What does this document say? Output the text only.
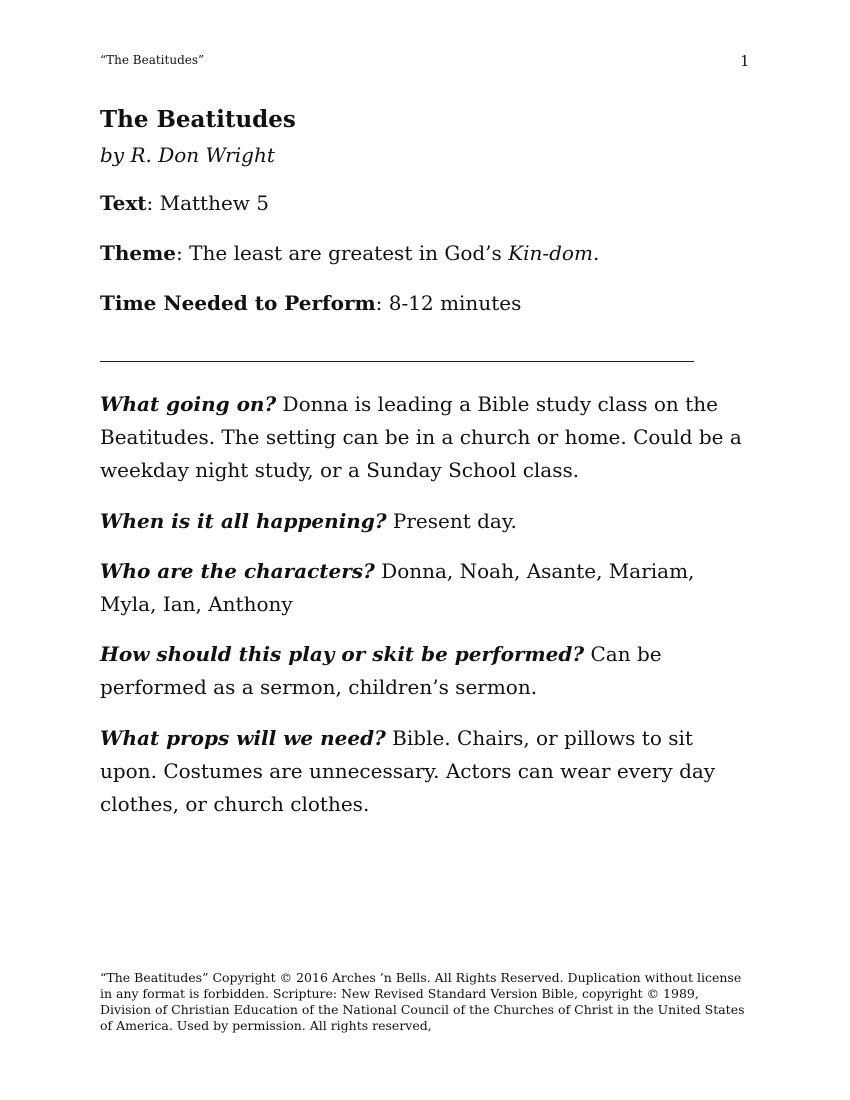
“The Beatitudes”	1
The Beatitudes
by R. Don Wright
Text: Matthew 5
Theme: The least are greatest in God’s Kin-dom.
Time Needed to Perform: 8-12 minutes
What going on? Donna is leading a Bible study class on the Beatitudes. The setting can be in a church or home. Could be a weekday night study, or a Sunday School class.
When is it all happening? Present day.
Who are the characters? Donna, Noah, Asante, Mariam, Myla, Ian, Anthony
How should this play or skit be performed? Can be performed as a sermon, children’s sermon.
What props will we need? Bible. Chairs, or pillows to sit upon. Costumes are unnecessary. Actors can wear every day clothes, or church clothes.
“The Beatitudes” Copyright © 2016 Arches ’n Bells. All Rights Reserved. Duplication without license in any format is forbidden. Scripture: New Revised Standard Version Bible, copyright © 1989, Division of Christian Education of the National Council of the Churches of Christ in the United States of America. Used by permission. All rights reserved,
